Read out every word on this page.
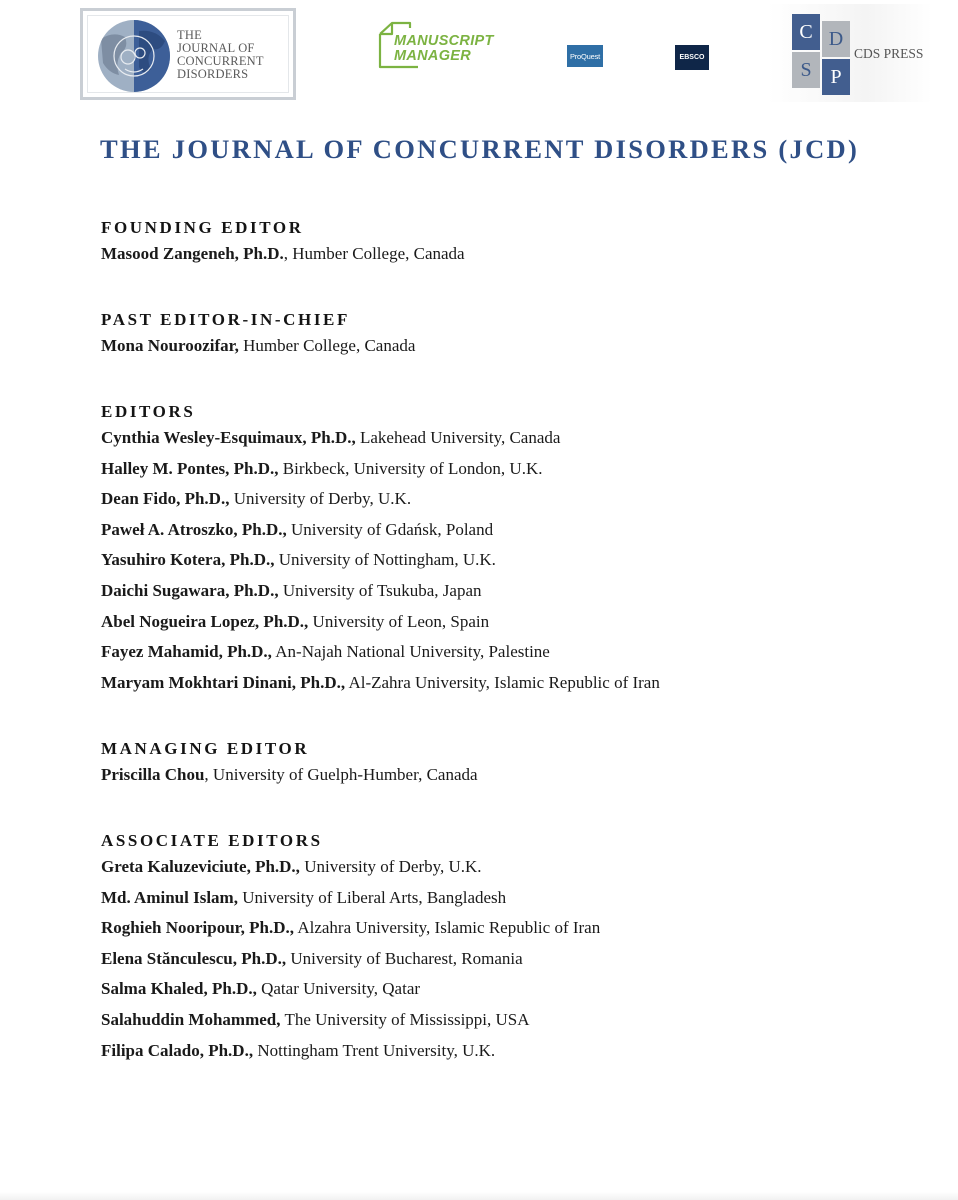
THE
JOURNAL OF
CONCURRENT
DISORDERS
MANUSCRIPT
MANAGER	ProQuest	EBSCO
C D
S P
CDS PRESS
THE JOURNAL OF CONCURRENT DISORDERS (JCD)
FOUNDING EDITOR
Masood Zangeneh, Ph.D., Humber College, Canada
PAST EDITOR-IN-CHIEF
Mona Nouroozifar, Humber College, Canada
EDITORS
Cynthia Wesley-Esquimaux, Ph.D., Lakehead University, Canada
Halley M. Pontes, Ph.D., Birkbeck, University of London, U.K.
Dean Fido, Ph.D., University of Derby, U.K.
Paweł A. Atroszko, Ph.D., University of Gdańsk, Poland
Yasuhiro Kotera, Ph.D., University of Nottingham, U.K.
Daichi Sugawara, Ph.D., University of Tsukuba, Japan
Abel Nogueira Lopez, Ph.D., University of Leon, Spain
Fayez Mahamid, Ph.D., An-Najah National University, Palestine
Maryam Mokhtari Dinani, Ph.D., Al-Zahra University, Islamic Republic of Iran
MANAGING EDITOR
Priscilla Chou, University of Guelph-Humber, Canada
ASSOCIATE EDITORS
Greta Kaluzeviciute, Ph.D., University of Derby, U.K.
Md. Aminul Islam, University of Liberal Arts, Bangladesh
Roghieh Nooripour, Ph.D., Alzahra University, Islamic Republic of Iran
Elena Stănculescu, Ph.D., University of Bucharest, Romania
Salma Khaled, Ph.D., Qatar University, Qatar
Salahuddin Mohammed, The University of Mississippi, USA
Filipa Calado, Ph.D., Nottingham Trent University, U.K.
